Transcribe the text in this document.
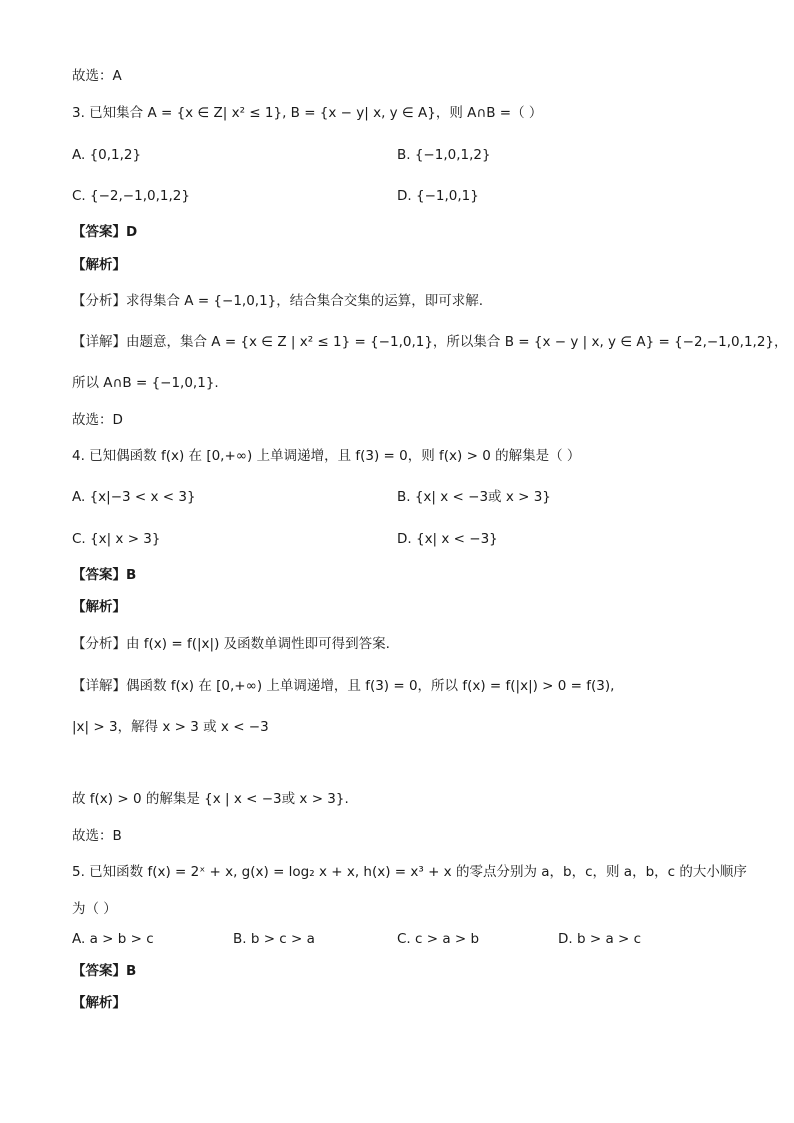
故选：A
3. 已知集合 A = {x ∈ Z| x² ≤ 1}, B = {x − y| x, y ∈ A}，则 A∩B =（ ）
A. {0,1,2}	B. {−1,0,1,2}
C. {−2,−1,0,1,2}	D. {−1,0,1}
【答案】D
【解析】
【分析】求得集合 A = {−1,0,1}，结合集合交集的运算，即可求解.
【详解】由题意，集合 A = {x ∈ Z | x² ≤ 1} = {−1,0,1}，所以集合 B = {x − y | x, y ∈ A} = {−2,−1,0,1,2}，
所以 A∩B = {−1,0,1}.
故选：D
4. 已知偶函数 f(x) 在 [0,+∞) 上单调递增，且 f(3) = 0，则 f(x) > 0 的解集是（ ）
A. {x|−3 < x < 3}	B. {x| x < −3或 x > 3}
C. {x| x > 3}	D. {x| x < −3}
【答案】B
【解析】
【分析】由 f(x) = f(|x|) 及函数单调性即可得到答案.
【详解】偶函数 f(x) 在 [0,+∞) 上单调递增，且 f(3) = 0，所以 f(x) = f(|x|) > 0 = f(3),
|x| > 3，解得 x > 3 或 x < −3
故 f(x) > 0 的解集是 {x | x < −3或 x > 3}.
故选：B
5. 已知函数 f(x) = 2ˣ + x, g(x) = log₂ x + x, h(x) = x³ + x 的零点分别为 a，b，c，则 a，b，c 的大小顺序
为（ ）
A. a > b > c	B. b > c > a	C. c > a > b	D. b > a > c
【答案】B
【解析】
